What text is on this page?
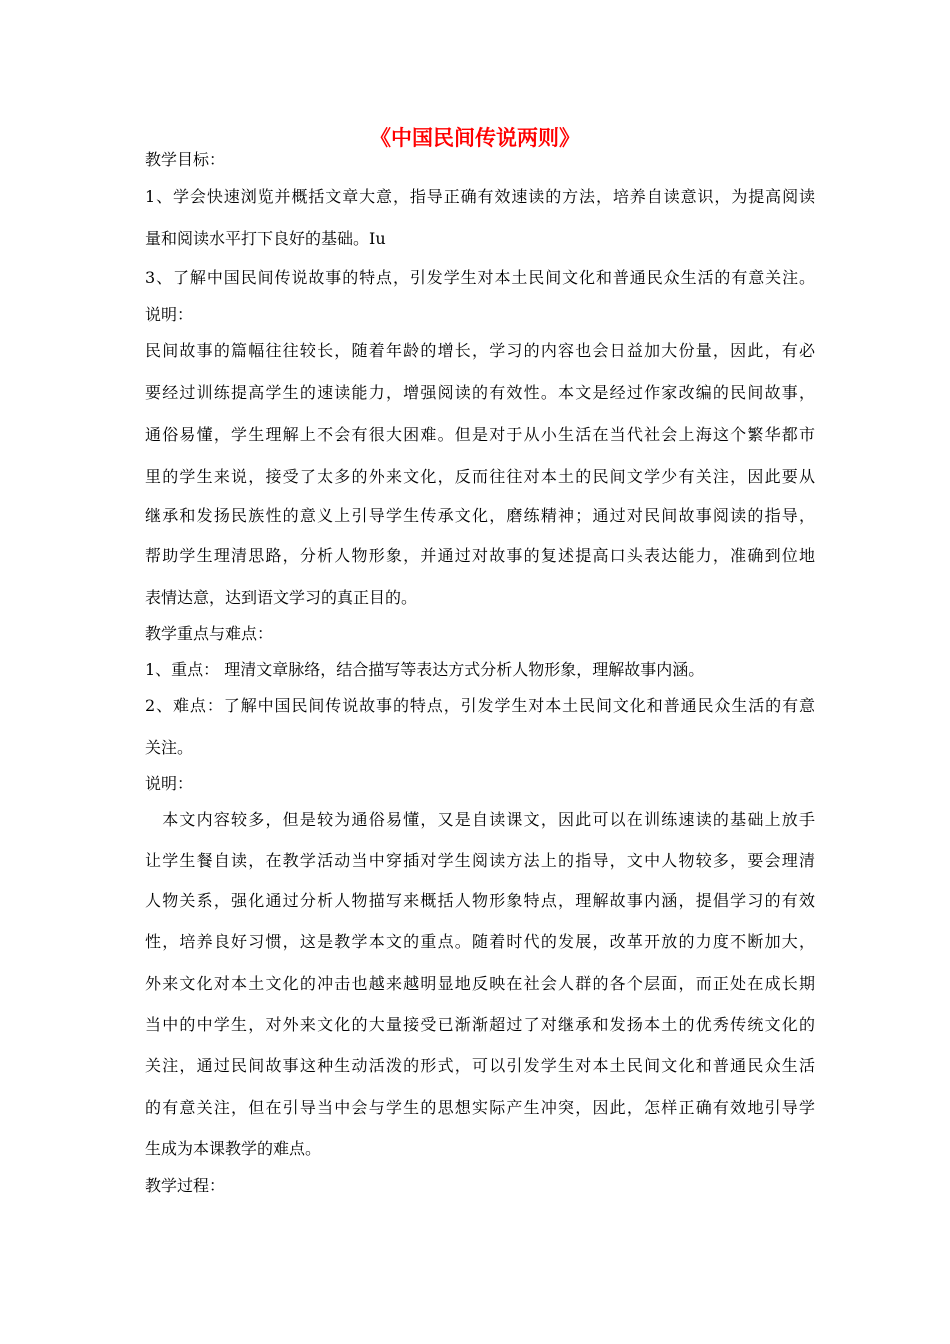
《中国民间传说两则》
教学目标：
1、学会快速浏览并概括文章大意，指导正确有效速读的方法，培养自读意识，为提高阅读
量和阅读水平打下良好的基础。Iu
3、了解中国民间传说故事的特点，引发学生对本土民间文化和普通民众生活的有意关注。
说明：
民间故事的篇幅往往较长，随着年龄的增长，学习的内容也会日益加大份量，因此，有必
要经过训练提高学生的速读能力，增强阅读的有效性。本文是经过作家改编的民间故事，
通俗易懂，学生理解上不会有很大困难。但是对于从小生活在当代社会上海这个繁华都市
里的学生来说，接受了太多的外来文化，反而往往对本土的民间文学少有关注，因此要从
继承和发扬民族性的意义上引导学生传承文化，磨练精神；通过对民间故事阅读的指导，
帮助学生理清思路，分析人物形象，并通过对故事的复述提高口头表达能力，准确到位地
表情达意，达到语文学习的真正目的。
教学重点与难点：
1、重点： 理清文章脉络，结合描写等表达方式分析人物形象，理解故事内涵。
2、难点：了解中国民间传说故事的特点，引发学生对本土民间文化和普通民众生活的有意
关注。
说明：
　本文内容较多，但是较为通俗易懂，又是自读课文，因此可以在训练速读的基础上放手
让学生餐自读，在教学活动当中穿插对学生阅读方法上的指导，文中人物较多，要会理清
人物关系，强化通过分析人物描写来概括人物形象特点，理解故事内涵，提倡学习的有效
性，培养良好习惯，这是教学本文的重点。随着时代的发展，改革开放的力度不断加大，
外来文化对本土文化的冲击也越来越明显地反映在社会人群的各个层面，而正处在成长期
当中的中学生，对外来文化的大量接受已渐渐超过了对继承和发扬本土的优秀传统文化的
关注，通过民间故事这种生动活泼的形式，可以引发学生对本土民间文化和普通民众生活
的有意关注，但在引导当中会与学生的思想实际产生冲突，因此，怎样正确有效地引导学
生成为本课教学的难点。
教学过程：
